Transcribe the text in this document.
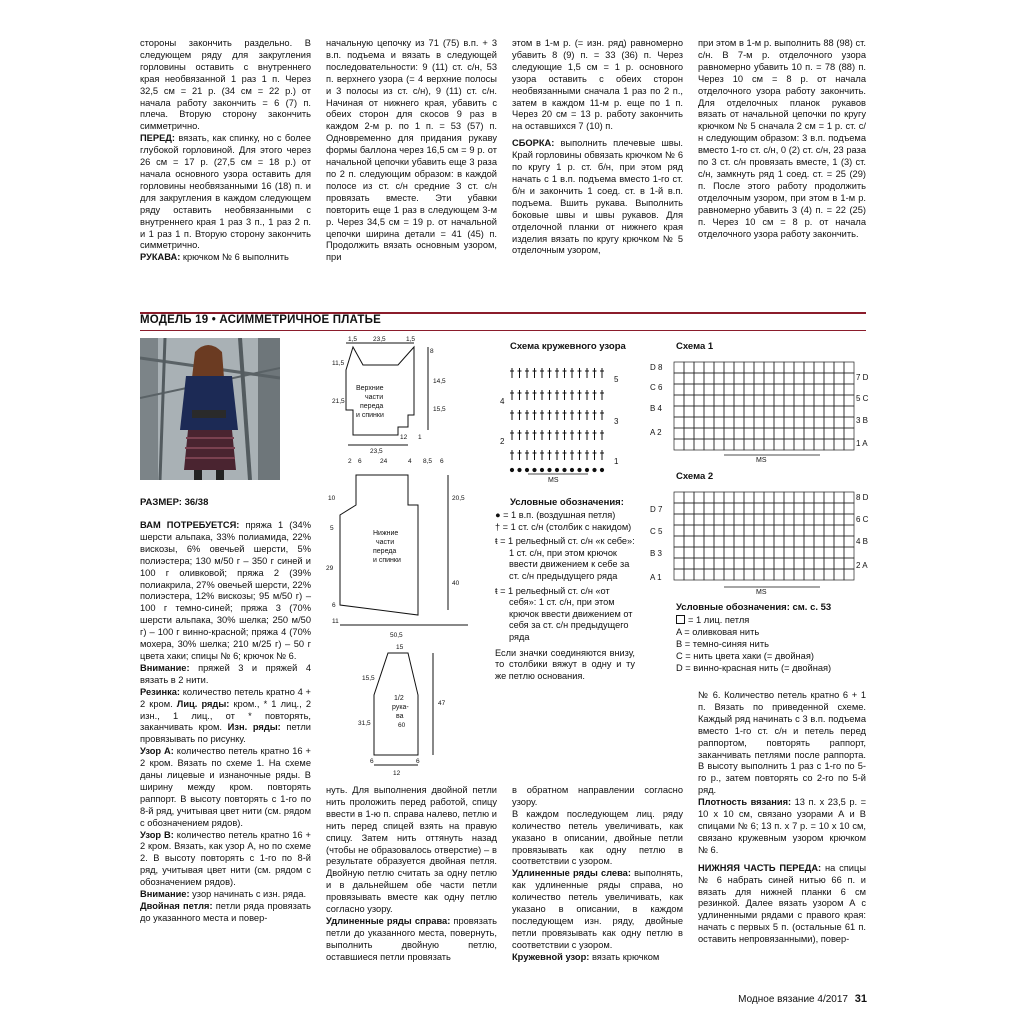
стороны закончить раздельно. В следующем ряду для закругления горловины оставить с внутреннего края необвязанной 1 раз 1 п. Через 32,5 см = 21 р. (34 см = 22 р.) от начала работу закончить = 6 (7) п. плеча. Вторую сторону закончить симметрично.

ПЕРЕД: вязать, как спинку, но с более глубокой горловиной. Для этого через 26 см = 17 р. (27,5 см = 18 р.) от начала основного узора оставить для горловины необвязанными 16 (18) п. и для закругления в каждом следующем ряду оставить необвязанными с внутреннего края 1 раз 3 п., 1 раз 2 п. и 1 раз 1 п. Вторую сторону закончить симметрично.

РУКАВА: крючком № 6 выполнить

начальную цепочку из 71 (75) в.п. + 3 в.п. подъема и вязать в следующей последовательности: 9 (11) ст. с/н, 53 п. верхнего узора (= 4 верхние полосы и 3 полосы из ст. с/н), 9 (11) ст. с/н. Начиная от нижнего края, убавить с обеих сторон для скосов 9 раз в каждом 2-м р. по 1 п. = 53 (57) п. Одновременно для придания рукаву формы баллона через 16,5 см = 9 р. от начальной цепочки убавить еще 3 раза по 2 п. следующим образом: в каждой полосе из ст. с/н средние 3 ст. с/н провязать вместе. Эти убавки повторить еще 1 раз в следующем 3-м р. Через 34,5 см = 19 р. от начальной цепочки ширина детали = 41 (45) п. Продолжить вязать основным узором, при

этом в 1-м р. (= изн. ряд) равномерно убавить 8 (9) п. = 33 (36) п. Через следующие 1,5 см = 1 р. основного узора оставить с обеих сторон необвязанными сначала 1 раз по 2 п., затем в каждом 11-м р. еще по 1 п. Через 20 см = 13 р. работу закончить на оставшихся 7 (10) п.

СБОРКА: выполнить плечевые швы. Край горловины обвязать крючком № 6 по кругу 1 р. ст. б/н, при этом ряд начать с 1 в.п. подъема вместо 1-го ст. б/н и закончить 1 соед. ст. в 1-й в.п. подъема. Вшить рукава. Выполнить боковые швы и швы рукавов. Для отделочной планки от нижнего края изделия вязать по кругу крючком № 5 отделочным узором,

при этом в 1-м р. выполнить 88 (98) ст. с/н. В 7-м р. отделочного узора равномерно убавить 10 п. = 78 (88) п. Через 10 см = 8 р. от начала отделочного узора работу закончить. Для отделочных планок рукавов вязать от начальной цепочки по кругу крючком № 5 сначала 2 см = 1 р. ст. с/н следующим образом: 3 в.п. подъема вместо 1-го ст. с/н, 0 (2) ст. с/н, 23 раза по 3 ст. с/н провязать вместе, 1 (3) ст. с/н, замкнуть ряд 1 соед. ст. = 25 (29) п. После этого работу продолжить отделочным узором, при этом в 1-м р. равномерно убавить 3 (4) п. = 22 (25) п. Через 10 см = 8 р. от начала отделочного узора работу закончить.

МОДЕЛЬ 19 • АСИММЕТРИЧНОЕ ПЛАТЬЕ
РАЗМЕР: 36/38

ВАМ ПОТРЕБУЕТСЯ: пряжа 1 (34% шерсти альпака, 33% полиамида, 22% вискозы, 6% овечьей шерсти, 5% полиэстера; 130 м/50 г – 350 г синей и 100 г оливковой; пряжа 2 (39% полиакрила, 27% овечьей шерсти, 22% полиэстера, 12% вискозы; 95 м/50 г) – 100 г темно-синей; пряжа 3 (70% шерсти альпака, 30% шелка; 250 м/50 г) – 100 г винно-красной; пряжа 4 (70% мохера, 30% шелка; 210 м/25 г) – 50 г цвета хаки; спицы № 6; крючок № 6.

Внимание: пряжей 3 и пряжей 4 вязать в 2 нити.

Резинка: количество петель кратно 4 + 2 кром. Лиц. ряды: кром., * 1 лиц., 2 изн., 1 лиц., от * повторять, заканчивать кром. Изн. ряды: петли провязывать по рисунку.

Узор А: количество петель кратно 16 + 2 кром. Вязать по схеме 1. На схеме даны лицевые и изнаночные ряды. В ширину между кром. повторять раппорт. В высоту повторять с 1-го по 8-й ряд, учитывая цвет нити (см. рядом с обозначением рядов).

Узор В: количество петель кратно 16 + 2 кром. Вязать, как узор А, но по схеме 2. В высоту повторять с 1-го по 8-й ряд, учитывая цвет нити (см. рядом с обозначением рядов).

Внимание: узор начинать с изн. ряда.

Двойная петля: петли ряда провязать до указанного места и повер-

Верхние
части
переда
и спинки
Нижние
части
переда
и спинки
1/2
рука-
ва
1,5 23,5	1,5
8
11,5
14,5
21,5
15,5
23,5
12 1
2 6	24	4 8,5 6
10	20,5
5
29
40
6
11
50,5
15
15,5
47
31,5	60
6	6
12
Схема кружевного узора
5
4
3
2
1
MS
Условные обозначения:

● = 1 в.п. (воздушная петля)

† = 1 ст. с/н (столбик с накидом)

ŧ = 1 рельефный ст. с/н «к себе»: 1 ст. с/н, при этом крючок ввести движением к себе за ст. с/н предыдущего ряда

ŧ = 1 рельефный ст. с/н «от себя»: 1 ст. с/н, при этом крючок ввести движением от себя за ст. с/н предыдущего ряда

Если значки соединяются внизу, то столбики вяжут в одну и ту же петлю основания.

Схема 1
D 8
C 6
B 4
A 2
7 D
5 C
3 B
1 A
MS
Схема 2
D 7
C 5
B 3
A 1
8 D
6 C
4 B
2 A
MS
Условные обозначения: см. с. 53

= 1 лиц. петля

A = оливковая нить

B = темно-синяя нить

C = нить цвета хаки (= двойная)

D = винно-красная нить (= двойная)

№ 6. Количество петель кратно 6 + 1 п. Вязать по приведенной схеме. Каждый ряд начинать с 3 в.п. подъема вместо 1-го ст. с/н и петель перед раппортом, повторять раппорт, заканчивать петлями после раппорта. В высоту выполнить 1 раз с 1-го по 5-го р., затем повторять со 2-го по 5-й ряд.

Плотность вязания: 13 п. х 23,5 р. = 10 х 10 см, связано узорами А и В спицами № 6; 13 п. х 7 р. = 10 х 10 см, связано кружевным узором крючком № 6.

НИЖНЯЯ ЧАСТЬ ПЕРЕДА: на спицы № 6 набрать синей нитью 66 п. и вязать для нижней планки 6 см резинкой. Далее вязать узором А с удлиненными рядами с правого края: начать с первых 5 п. (остальные 61 п. оставить непровязанными), повер-

нуть. Для выполнения двойной петли нить проложить перед работой, спицу ввести в 1-ю п. справа налево, петлю и нить перед спицей взять на правую спицу. Затем нить оттянуть назад (чтобы не образовалось отверстие) – в результате образуется двойная петля. Двойную петлю считать за одну петлю и в дальнейшем обе части петли провязывать вместе как одну петлю согласно узору.

Удлиненные ряды справа: провязать петли до указанного места, повернуть, выполнить двойную петлю, оставшиеся петли провязать

в обратном направлении согласно узору.

В каждом последующем лиц. ряду количество петель увеличивать, как указано в описании, двойные петли провязывать как одну петлю в соответствии с узором.

Удлиненные ряды слева: выполнять, как удлиненные ряды справа, но количество петель увеличивать, как указано в описании, в каждом последующем изн. ряду, двойные петли провязывать как одну петлю в соответствии с узором.

Кружевной узор: вязать крючком

Модное вязание 4/2017 31
